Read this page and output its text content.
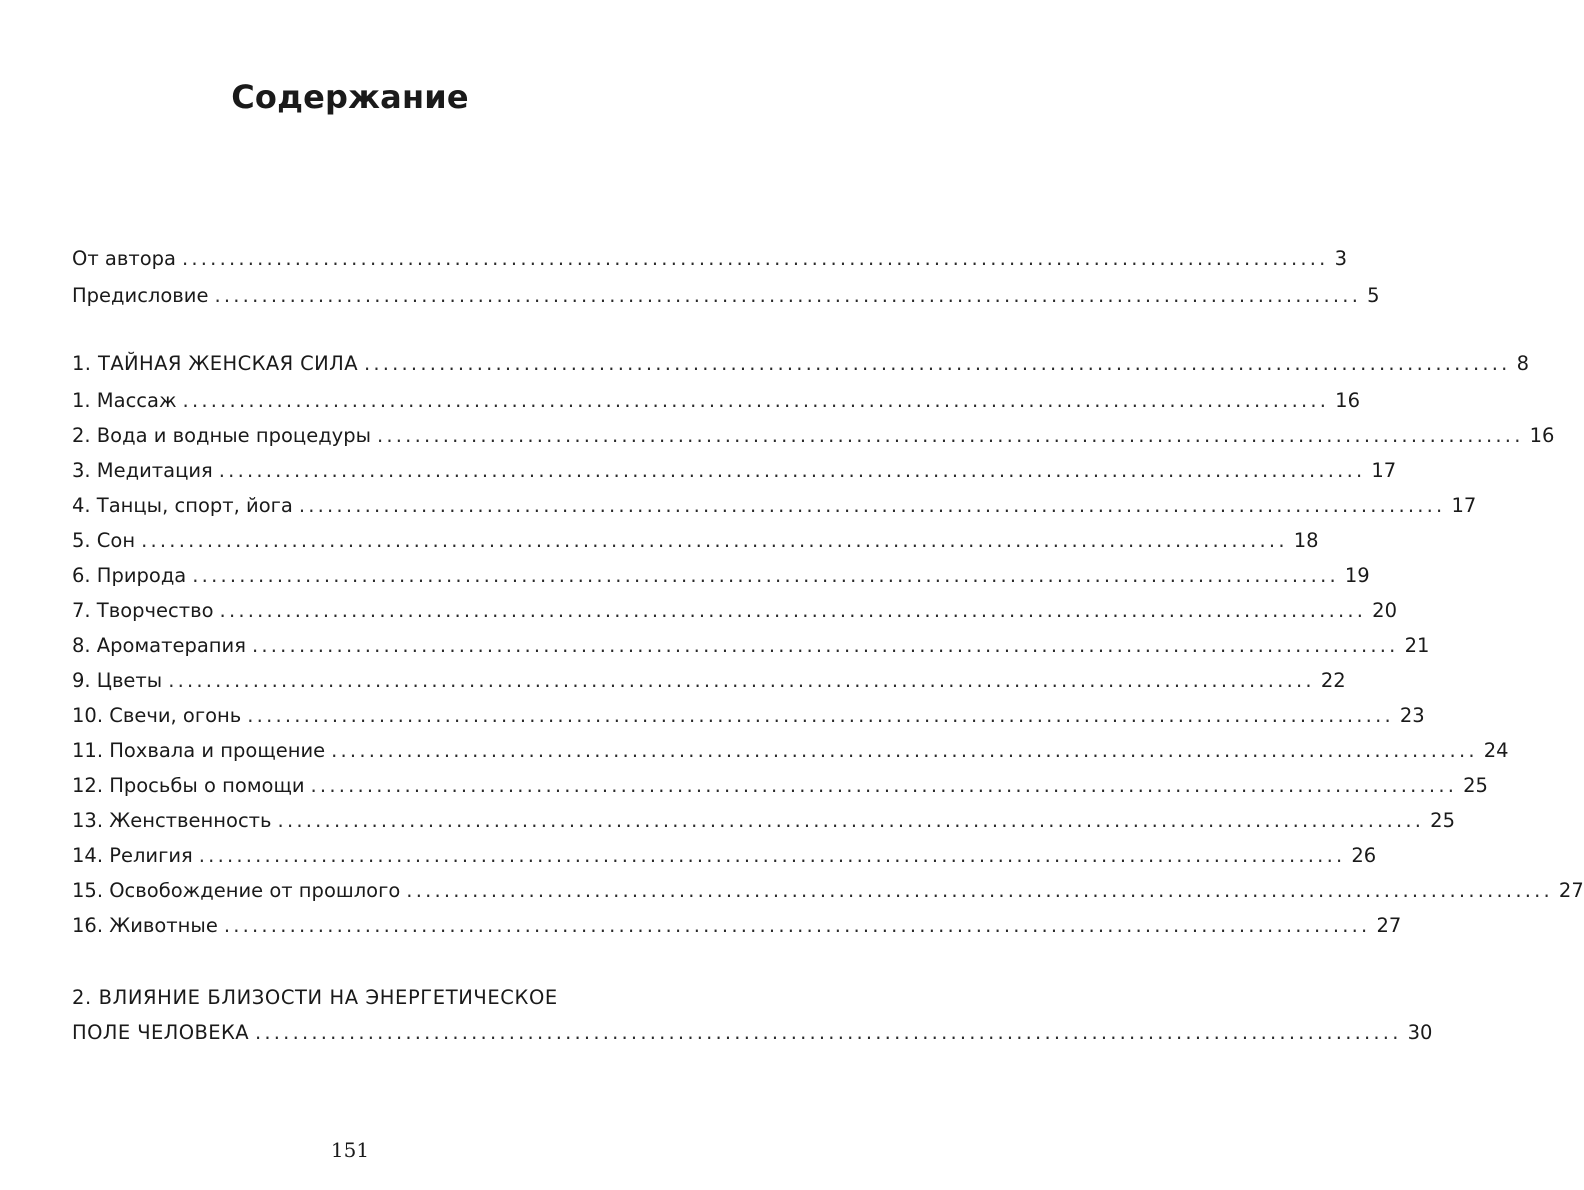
Содержание
От автора .......................................................................................................................... 3
Предисловие .......................................................................................................................... 5
1. ТАЙНАЯ ЖЕНСКАЯ СИЛА .......................................................................................................................... 8
1. Массаж .......................................................................................................................... 16
2. Вода и водные процедуры .......................................................................................................................... 16
3. Медитация .......................................................................................................................... 17
4. Танцы, спорт, йога .......................................................................................................................... 17
5. Сон .......................................................................................................................... 18
6. Природа .......................................................................................................................... 19
7. Творчество .......................................................................................................................... 20
8. Ароматерапия .......................................................................................................................... 21
9. Цветы .......................................................................................................................... 22
10. Свечи, огонь .......................................................................................................................... 23
11. Похвала и прощение .......................................................................................................................... 24
12. Просьбы о помощи .......................................................................................................................... 25
13. Женственность .......................................................................................................................... 25
14. Религия .......................................................................................................................... 26
15. Освобождение от прошлого .......................................................................................................................... 27
16. Животные .......................................................................................................................... 27
2. ВЛИЯНИЕ БЛИЗОСТИ НА ЭНЕРГЕТИЧЕСКОЕ
ПОЛЕ ЧЕЛОВЕКА .......................................................................................................................... 30
151
